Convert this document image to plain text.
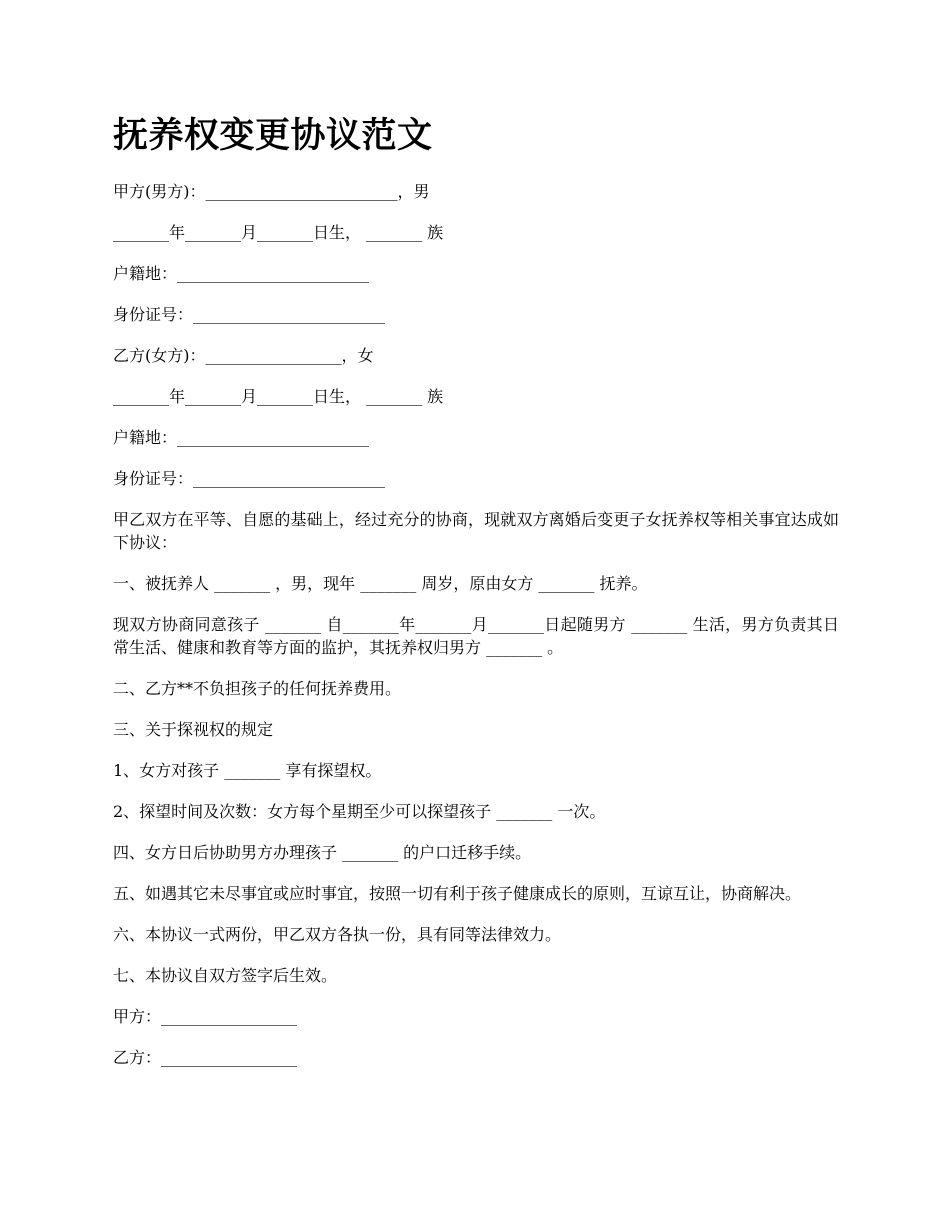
抚养权变更协议范文

甲方(男方)：________________________，男

_______年_______月_______日生， _______ 族

户籍地：________________________

身份证号：________________________

乙方(女方)：_________________，女

_______年_______月_______日生， _______ 族

户籍地：________________________

身份证号：________________________

甲乙双方在平等、自愿的基础上，经过充分的协商，现就双方离婚后变更子女抚养权等相关事宜达成如下协议：

一、被抚养人 _______ ，男，现年 _______ 周岁，原由女方 _______ 抚养。

现双方协商同意孩子 _______ 自_______年_______月_______日起随男方 _______ 生活，男方负责其日常生活、健康和教育等方面的监护，其抚养权归男方 _______ 。

二、乙方**不负担孩子的任何抚养费用。

三、关于探视权的规定

1、女方对孩子 _______ 享有探望权。

2、探望时间及次数：女方每个星期至少可以探望孩子 _______ 一次。

四、女方日后协助男方办理孩子 _______ 的户口迁移手续。

五、如遇其它未尽事宜或应时事宜，按照一切有利于孩子健康成长的原则，互谅互让，协商解决。

六、本协议一式两份，甲乙双方各执一份，具有同等法律效力。

七、本协议自双方签字后生效。

甲方：_________________

乙方：_________________
